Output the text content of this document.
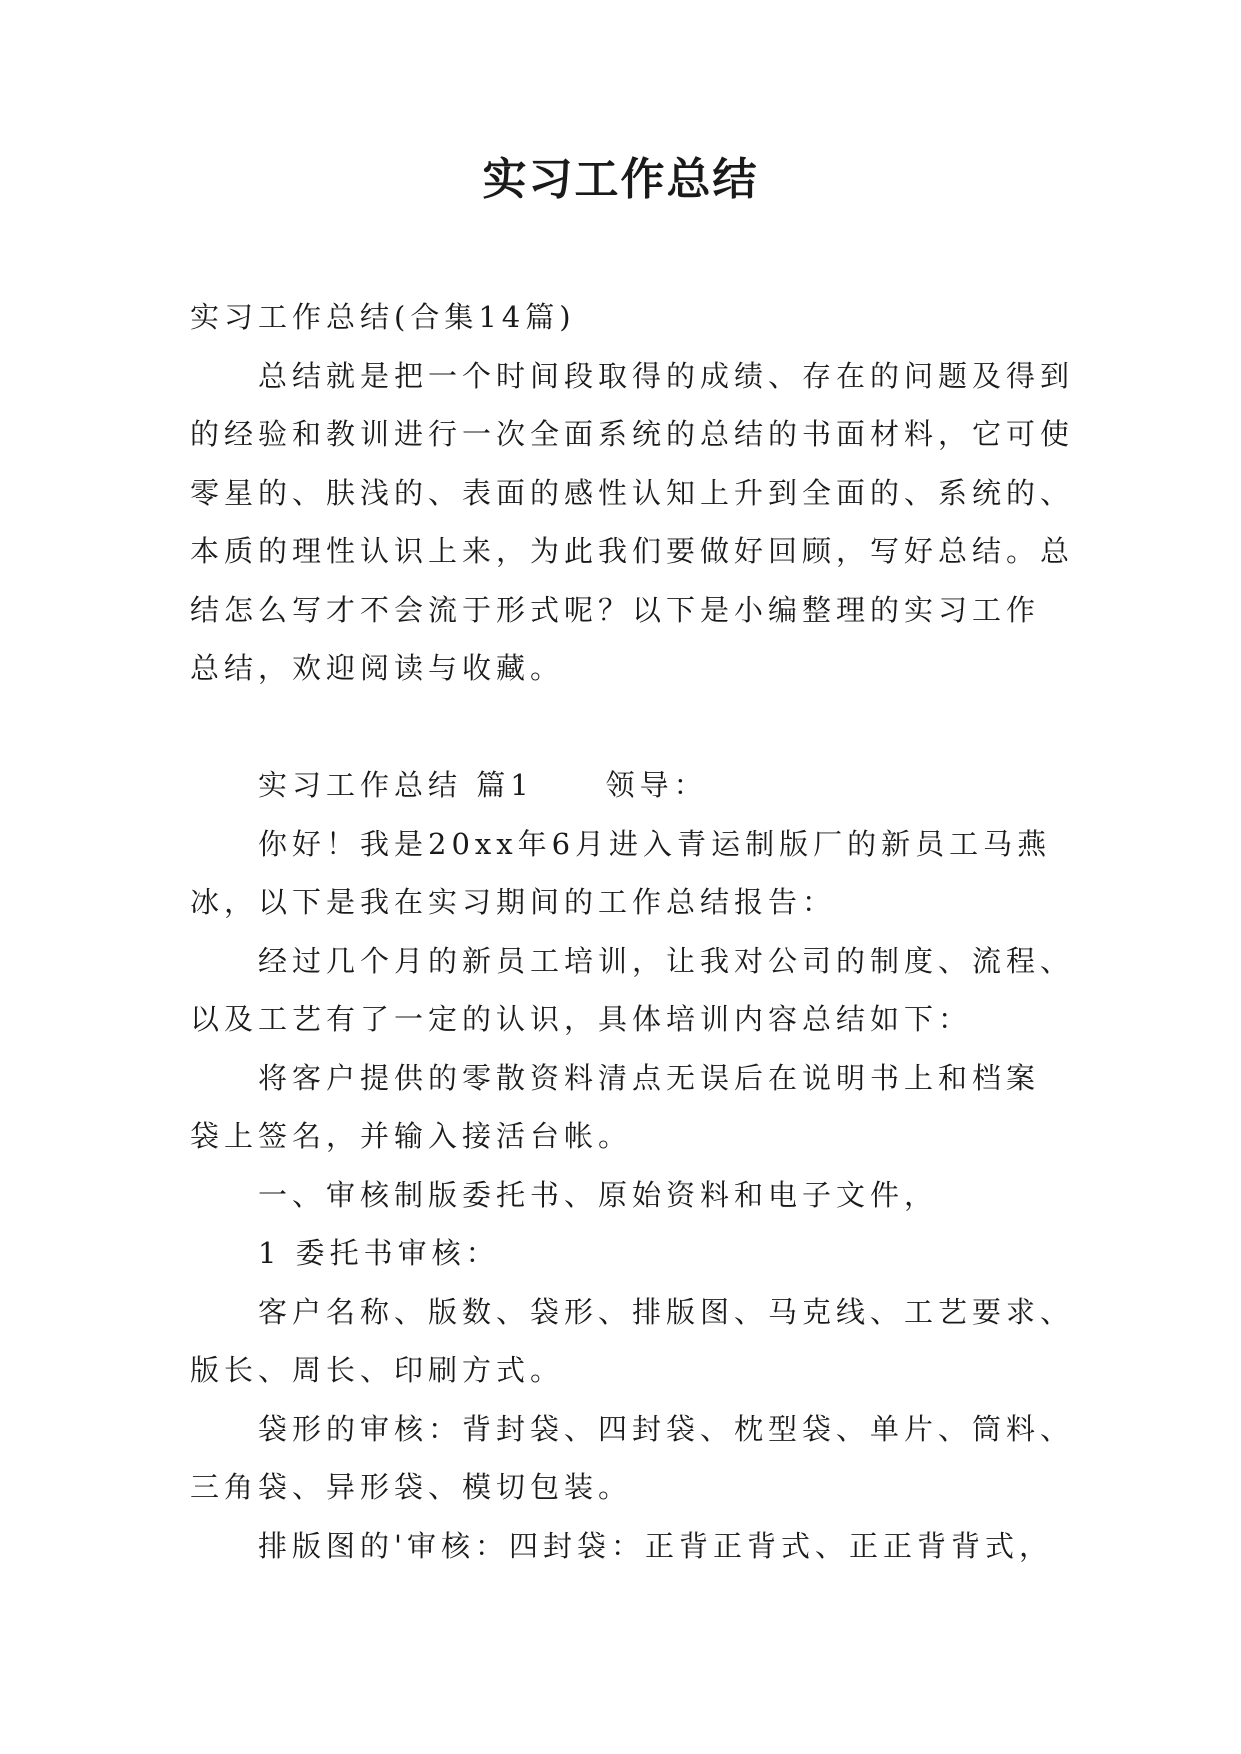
实习工作总结
实习工作总结(合集14篇)
总结就是把一个时间段取得的成绩、存在的问题及得到
的经验和教训进行一次全面系统的总结的书面材料，它可使
零星的、肤浅的、表面的感性认知上升到全面的、系统的、
本质的理性认识上来，为此我们要做好回顾，写好总结。总
结怎么写才不会流于形式呢？以下是小编整理的实习工作
总结，欢迎阅读与收藏。
实习工作总结 篇1 领导：
你好！我是20xx年6月进入青运制版厂的新员工马燕
冰，以下是我在实习期间的工作总结报告：
经过几个月的新员工培训，让我对公司的制度、流程、
以及工艺有了一定的认识，具体培训内容总结如下：
将客户提供的零散资料清点无误后在说明书上和档案
袋上签名，并输入接活台帐。
一、审核制版委托书、原始资料和电子文件，
1 委托书审核：
客户名称、版数、袋形、排版图、马克线、工艺要求、
版长、周长、印刷方式。
袋形的审核：背封袋、四封袋、枕型袋、单片、筒料、
三角袋、异形袋、模切包装。
排版图的'审核：四封袋：正背正背式、正正背背式，
